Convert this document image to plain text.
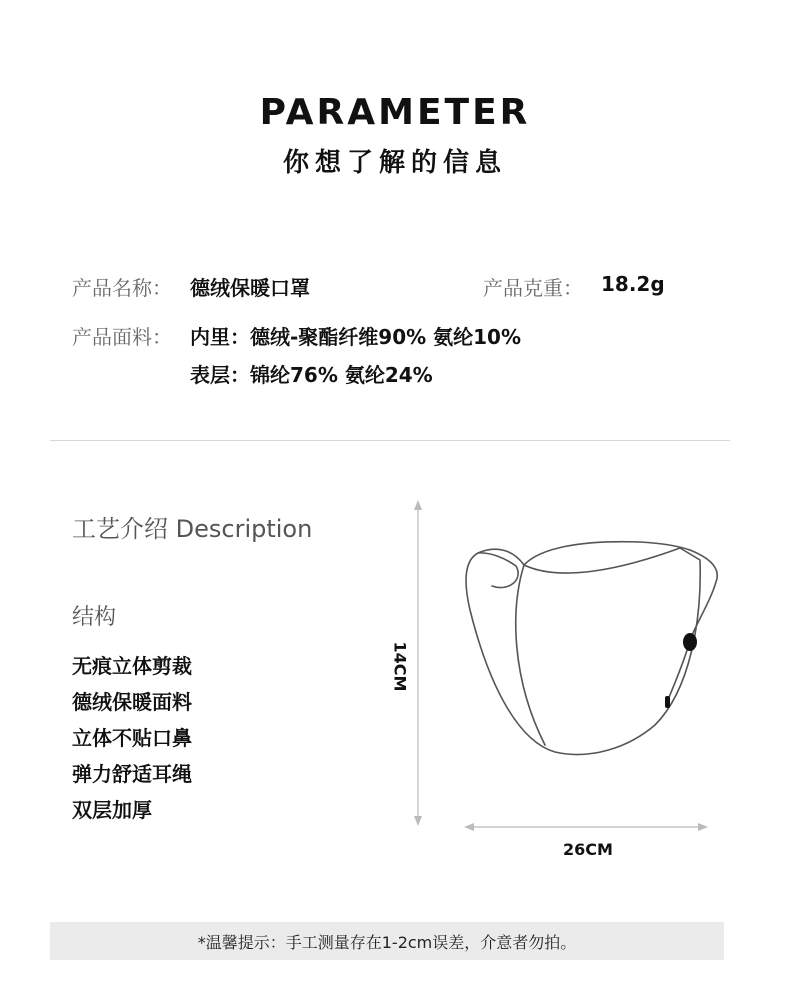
PARAMETER
你想了解的信息
产品名称： 德绒保暖口罩	产品克重： 18.2g
产品面料： 内里：德绒-聚酯纤维90% 氨纶10%
表层：锦纶76% 氨纶24%
工艺介绍 Description
结构
无痕立体剪裁
德绒保暖面料
立体不贴口鼻
弹力舒适耳绳
双层加厚
14CM
26CM
*温馨提示：手工测量存在1-2cm误差，介意者勿拍。
